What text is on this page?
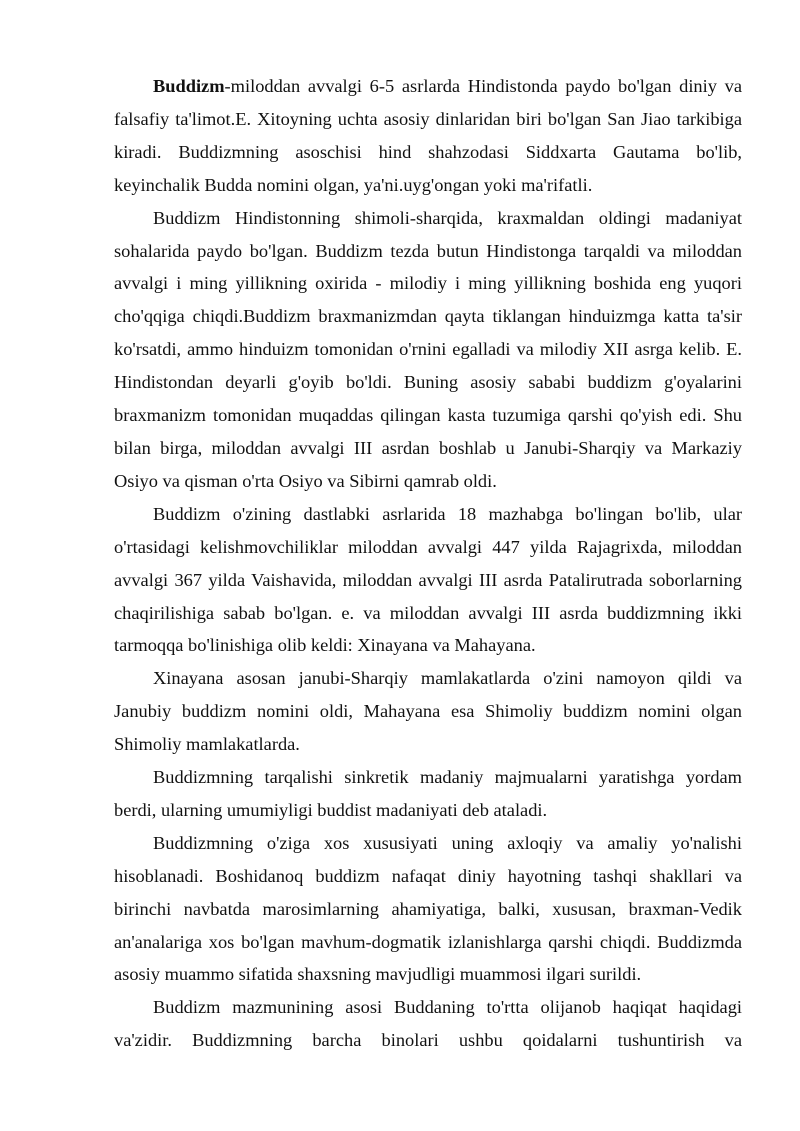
Buddizm-miloddan avvalgi 6-5 asrlarda Hindistonda paydo bo'lgan diniy va falsafiy ta'limot.E. Xitoyning uchta asosiy dinlaridan biri bo'lgan San Jiao tarkibiga kiradi. Buddizmning asoschisi hind shahzodasi Siddxarta Gautama bo'lib, keyinchalik Budda nomini olgan, ya'ni.uyg'ongan yoki ma'rifatli.

Buddizm Hindistonning shimoli-sharqida, kraxmaldan oldingi madaniyat sohalarida paydo bo'lgan. Buddizm tezda butun Hindistonga tarqaldi va miloddan avvalgi i ming yillikning oxirida - milodiy i ming yillikning boshida eng yuqori cho'qqiga chiqdi.Buddizm braxmanizmdan qayta tiklangan hinduizmga katta ta'sir ko'rsatdi, ammo hinduizm tomonidan o'rnini egalladi va milodiy XII asrga kelib. E. Hindistondan deyarli g'oyib bo'ldi. Buning asosiy sababi buddizm g'oyalarini braxmanizm tomonidan muqaddas qilingan kasta tuzumiga qarshi qo'yish edi. Shu bilan birga, miloddan avvalgi III asrdan boshlab u Janubi-Sharqiy va Markaziy Osiyo va qisman o'rta Osiyo va Sibirni qamrab oldi.

Buddizm o'zining dastlabki asrlarida 18 mazhabga bo'lingan bo'lib, ular o'rtasidagi kelishmovchiliklar miloddan avvalgi 447 yilda Rajagrixda, miloddan avvalgi 367 yilda Vaishavida, miloddan avvalgi III asrda Patalirutrada soborlarning chaqirilishiga sabab bo'lgan. e. va miloddan avvalgi III asrda buddizmning ikki tarmoqqa bo'linishiga olib keldi: Xinayana va Mahayana.

Xinayana asosan janubi-Sharqiy mamlakatlarda o'zini namoyon qildi va Janubiy buddizm nomini oldi, Mahayana esa Shimoliy buddizm nomini olgan Shimoliy mamlakatlarda.

Buddizmning tarqalishi sinkretik madaniy majmualarni yaratishga yordam berdi, ularning umumiyligi buddist madaniyati deb ataladi.

Buddizmning o'ziga xos xususiyati uning axloqiy va amaliy yo'nalishi hisoblanadi. Boshidanoq buddizm nafaqat diniy hayotning tashqi shakllari va birinchi navbatda marosimlarning ahamiyatiga, balki, xususan, braxman-Vedik an'analariga xos bo'lgan mavhum-dogmatik izlanishlarga qarshi chiqdi. Buddizmda asosiy muammo sifatida shaxsning mavjudligi muammosi ilgari surildi.

Buddizm mazmunining asosi Buddaning to'rtta olijanob haqiqat haqidagi va'zidir. Buddizmning barcha binolari ushbu qoidalarni tushuntirish va
